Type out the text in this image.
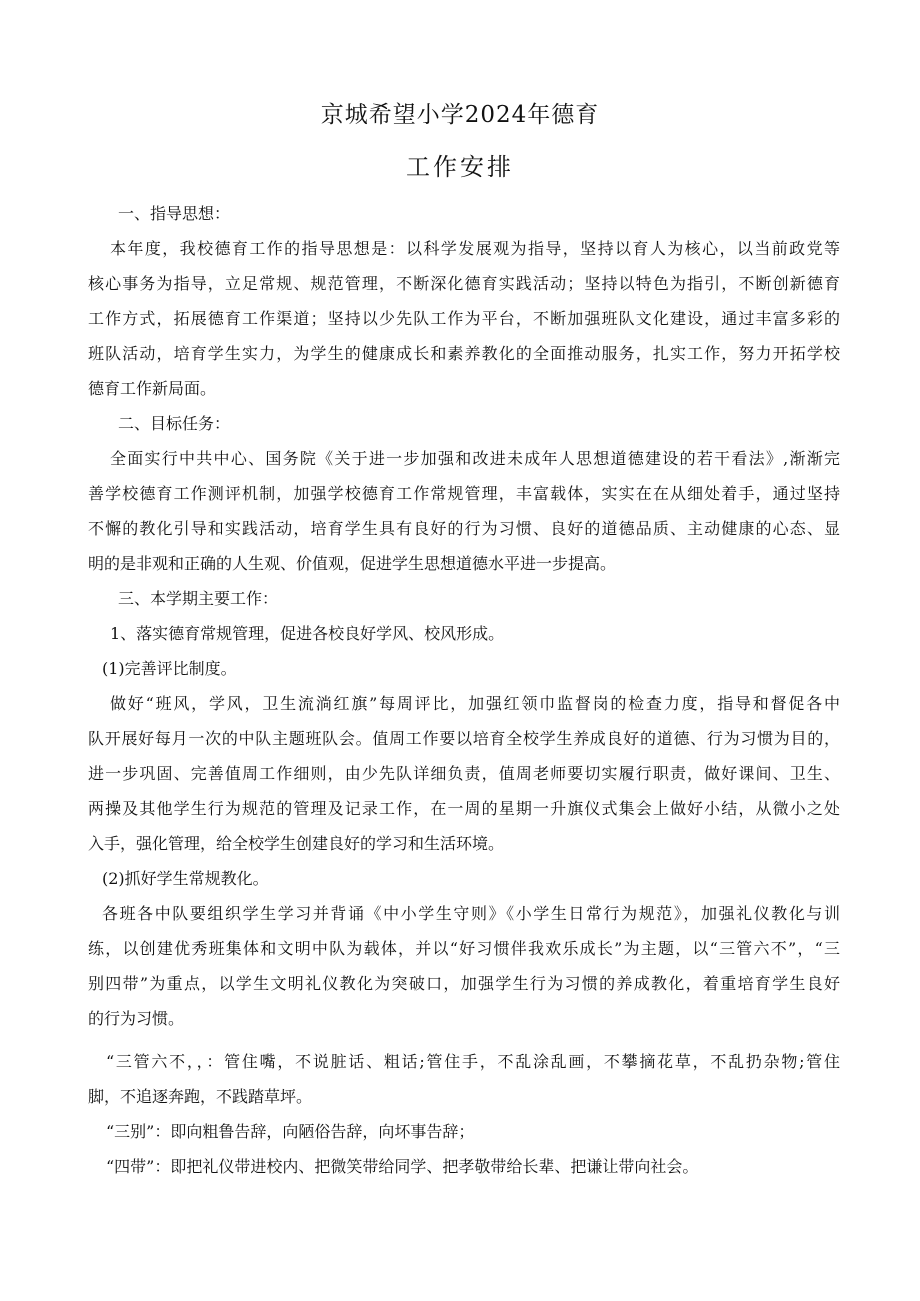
京城希望小学2024年德育
工作安排
一、指导思想：
本年度，我校德育工作的指导思想是：以科学发展观为指导，坚持以育人为核心，以当前政党等
核心事务为指导，立足常规、规范管理，不断深化德育实践活动；坚持以特色为指引，不断创新德育
工作方式，拓展德育工作渠道；坚持以少先队工作为平台，不断加强班队文化建设，通过丰富多彩的
班队活动，培育学生实力，为学生的健康成长和素养教化的全面推动服务，扎实工作，努力开拓学校
德育工作新局面。
二、目标任务：
全面实行中共中心、国务院《关于进一步加强和改进未成年人思想道德建设的若干看法》,渐渐完
善学校德育工作测评机制，加强学校德育工作常规管理，丰富载体，实实在在从细处着手，通过坚持
不懈的教化引导和实践活动，培育学生具有良好的行为习惯、良好的道德品质、主动健康的心态、显
明的是非观和正确的人生观、价值观，促进学生思想道德水平进一步提高。
三、本学期主要工作：
1、落实德育常规管理，促进各校良好学风、校风形成。
(1)完善评比制度。
做好“班风，学风，卫生流淌红旗”每周评比，加强红领巾监督岗的检查力度，指导和督促各中
队开展好每月一次的中队主题班队会。值周工作要以培育全校学生养成良好的道德、行为习惯为目的，
进一步巩固、完善值周工作细则，由少先队详细负责，值周老师要切实履行职责，做好课间、卫生、
两操及其他学生行为规范的管理及记录工作，在一周的星期一升旗仪式集会上做好小结，从微小之处
入手，强化管理，给全校学生创建良好的学习和生活环境。
(2)抓好学生常规教化。
各班各中队要组织学生学习并背诵《中小学生守则》《小学生日常行为规范》，加强礼仪教化与训
练，以创建优秀班集体和文明中队为载体，并以“好习惯伴我欢乐成长”为主题，以“三管六不”，“三
别四带”为重点，以学生文明礼仪教化为突破口，加强学生行为习惯的养成教化，着重培育学生良好
的行为习惯。
“三管六不，，：管住嘴，不说脏话、粗话;管住手，不乱涂乱画，不攀摘花草，不乱扔杂物;管住
脚，不追逐奔跑，不践踏草坪。
“三别”：即向粗鲁告辞，向陋俗告辞，向坏事告辞；
“四带”：即把礼仪带进校内、把微笑带给同学、把孝敬带给长辈、把谦让带向社会。
